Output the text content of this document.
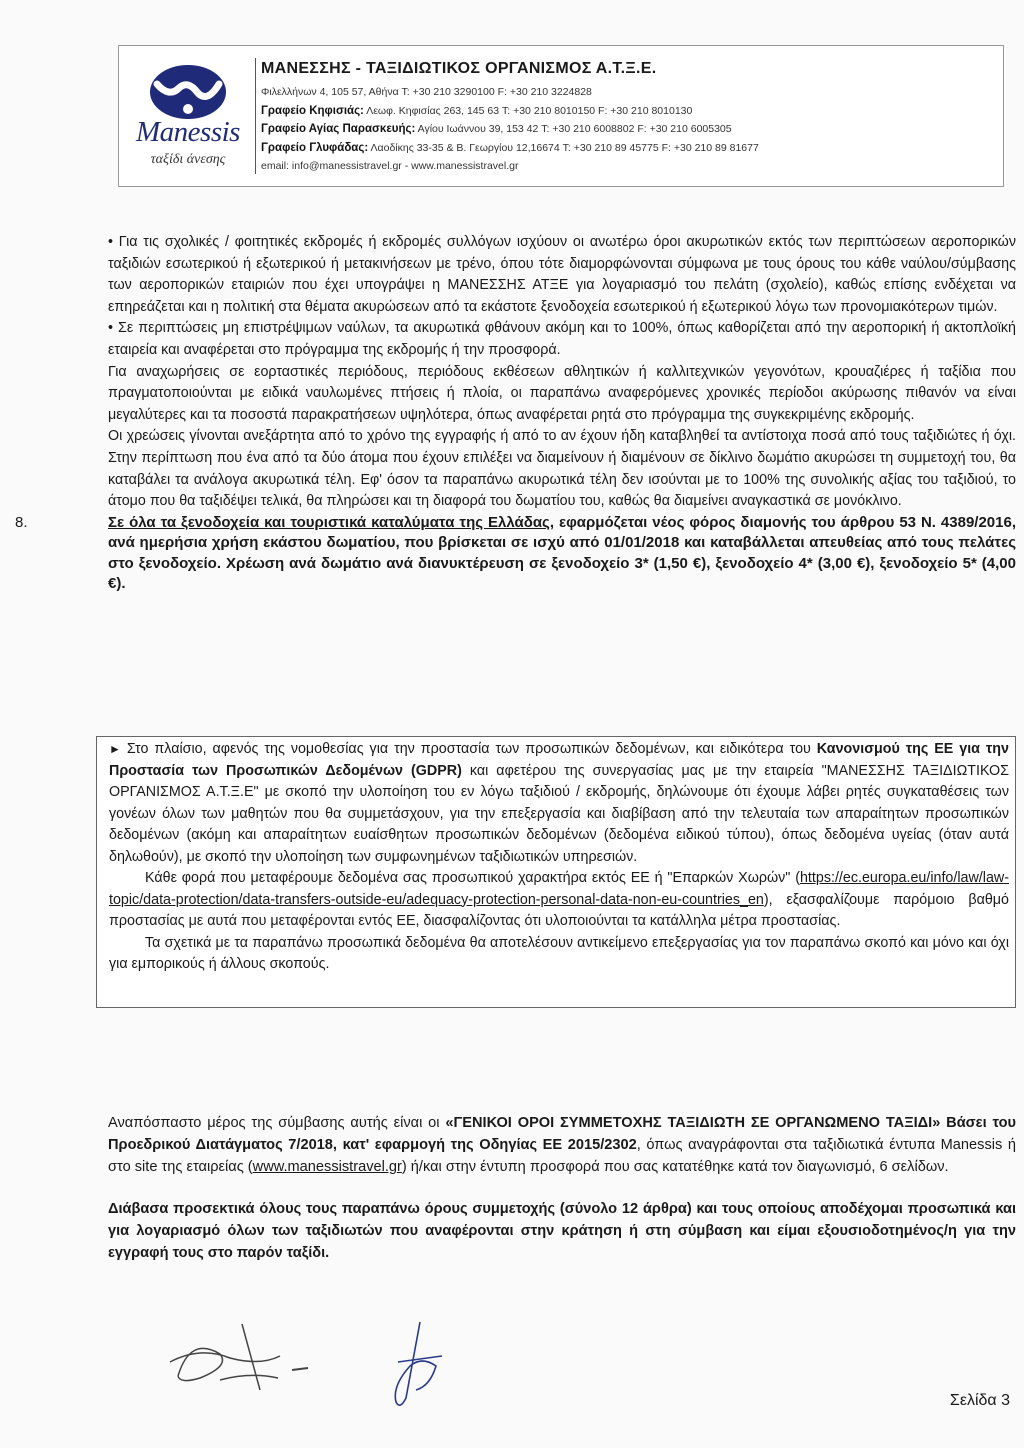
Manessis
ταξίδι άνεσης
ΜΑΝΕΣΣΗΣ - ΤΑΞΙΔΙΩΤΙΚΟΣ ΟΡΓΑΝΙΣΜΟΣ Α.Τ.Ξ.Ε.
Φιλελλήνων 4, 105 57, Αθήνα T: +30 210 3290100 F: +30 210 3224828
Γραφείο Κηφισιάς: Λεωφ. Κηφισίας 263, 145 63 T: +30 210 8010150 F: +30 210 8010130
Γραφείο Αγίας Παρασκευής: Αγίου Ιωάννου 39, 153 42 T: +30 210 6008802 F: +30 210 6005305
Γραφείο Γλυφάδας: Λαοδίκης 33-35 & Β. Γεωργίου 12,16674 T: +30 210 89 45775 F: +30 210 89 81677
email: info@manessistravel.gr - www.manessistravel.gr

• Για τις σχολικές / φοιτητικές εκδρομές ή εκδρομές συλλόγων ισχύουν οι ανωτέρω όροι ακυρωτικών εκτός των περιπτώσεων αεροπορικών ταξιδιών εσωτερικού ή εξωτερικού ή μετακινήσεων με τρένο, όπου τότε διαμορφώνονται σύμφωνα με τους όρους του κάθε ναύλου/σύμβασης των αεροπορικών εταιριών που έχει υπογράψει η ΜΑΝΕΣΣΗΣ ΑΤΞΕ για λογαριασμό του πελάτη (σχολείο), καθώς επίσης ενδέχεται να επηρεάζεται και η πολιτική στα θέματα ακυρώσεων από τα εκάστοτε ξενοδοχεία εσωτερικού ή εξωτερικού λόγω των προνομιακότερων τιμών.

• Σε περιπτώσεις μη επιστρέψιμων ναύλων, τα ακυρωτικά φθάνουν ακόμη και το 100%, όπως καθορίζεται από την αεροπορική ή ακτοπλοϊκή εταιρεία και αναφέρεται στο πρόγραμμα της εκδρομής ή την προσφορά.

Για αναχωρήσεις σε εορταστικές περιόδους, περιόδους εκθέσεων αθλητικών ή καλλιτεχνικών γεγονότων, κρουαζιέρες ή ταξίδια που πραγματοποιούνται με ειδικά ναυλωμένες πτήσεις ή πλοία, οι παραπάνω αναφερόμενες χρονικές περίοδοι ακύρωσης πιθανόν να είναι μεγαλύτερες και τα ποσοστά παρακρατήσεων υψηλότερα, όπως αναφέρεται ρητά στο πρόγραμμα της συγκεκριμένης εκδρομής.

Οι χρεώσεις γίνονται ανεξάρτητα από το χρόνο της εγγραφής ή από το αν έχουν ήδη καταβληθεί τα αντίστοιχα ποσά από τους ταξιδιώτες ή όχι. Στην περίπτωση που ένα από τα δύο άτομα που έχουν επιλέξει να διαμείνουν ή διαμένουν σε δίκλινο δωμάτιο ακυρώσει τη συμμετοχή του, θα καταβάλει τα ανάλογα ακυρωτικά τέλη. Εφ' όσον τα παραπάνω ακυρωτικά τέλη δεν ισούνται με το 100% της συνολικής αξίας του ταξιδιού, το άτομο που θα ταξιδέψει τελικά, θα πληρώσει και τη διαφορά του δωματίου του, καθώς θα διαμείνει αναγκαστικά σε μονόκλινο.

8.	Σε όλα τα ξενοδοχεία και τουριστικά καταλύματα της Ελλάδας, εφαρμόζεται νέος φόρος διαμονής του άρθρου 53 Ν. 4389/2016, ανά ημερήσια χρήση εκάστου δωματίου, που βρίσκεται σε ισχύ από 01/01/2018 και καταβάλλεται απευθείας από τους πελάτες στο ξενοδοχείο. Χρέωση ανά δωμάτιο ανά διανυκτέρευση σε ξενοδοχείο 3* (1,50 €), ξενοδοχείο 4* (3,00 €), ξενοδοχείο 5* (4,00 €).

► Στο πλαίσιο, αφενός της νομοθεσίας για την προστασία των προσωπικών δεδομένων, και ειδικότερα του Κανονισμού της ΕΕ για την Προστασία των Προσωπικών Δεδομένων (GDPR) και αφετέρου της συνεργασίας μας με την εταιρεία "ΜΑΝΕΣΣΗΣ ΤΑΞΙΔΙΩΤΙΚΟΣ ΟΡΓΑΝΙΣΜΟΣ Α.Τ.Ξ.Ε" με σκοπό την υλοποίηση του εν λόγω ταξιδιού / εκδρομής, δηλώνουμε ότι έχουμε λάβει ρητές συγκαταθέσεις των γονέων όλων των μαθητών που θα συμμετάσχουν, για την επεξεργασία και διαβίβαση από την τελευταία των απαραίτητων προσωπικών δεδομένων (ακόμη και απαραίτητων ευαίσθητων προσωπικών δεδομένων (δεδομένα ειδικού τύπου), όπως δεδομένα υγείας (όταν αυτά δηλωθούν), με σκοπό την υλοποίηση των συμφωνημένων ταξιδιωτικών υπηρεσιών.

Κάθε φορά που μεταφέρουμε δεδομένα σας προσωπικού χαρακτήρα εκτός ΕΕ ή "Επαρκών Χωρών" (https://ec.europa.eu/info/law/law-topic/data-protection/data-transfers-outside-eu/adequacy-protection-personal-data-non-eu-countries_en), εξασφαλίζουμε παρόμοιο βαθμό προστασίας με αυτά που μεταφέρονται εντός ΕΕ, διασφαλίζοντας ότι υλοποιούνται τα κατάλληλα μέτρα προστασίας.

Τα σχετικά με τα παραπάνω προσωπικά δεδομένα θα αποτελέσουν αντικείμενο επεξεργασίας για τον παραπάνω σκοπό και μόνο και όχι για εμπορικούς ή άλλους σκοπούς.

Αναπόσπαστο μέρος της σύμβασης αυτής είναι οι «ΓΕΝΙΚΟΙ ΟΡΟΙ ΣΥΜΜΕΤΟΧΗΣ ΤΑΞΙΔΙΩΤΗ ΣΕ ΟΡΓΑΝΩΜΕΝΟ ΤΑΞΙΔΙ» Βάσει του Προεδρικού Διατάγματος 7/2018, κατ' εφαρμογή της Οδηγίας ΕΕ 2015/2302, όπως αναγράφονται στα ταξιδιωτικά έντυπα Manessis ή στο site της εταιρείας (www.manessistravel.gr) ή/και στην έντυπη προσφορά που σας κατατέθηκε κατά τον διαγωνισμό, 6 σελίδων.

Διάβασα προσεκτικά όλους τους παραπάνω όρους συμμετοχής (σύνολο 12 άρθρα) και τους οποίους αποδέχομαι προσωπικά και για λογαριασμό όλων των ταξιδιωτών που αναφέρονται στην κράτηση ή στη σύμβαση και είμαι εξουσιοδοτημένος/η για την εγγραφή τους στο παρόν ταξίδι.
Σελίδα 3
